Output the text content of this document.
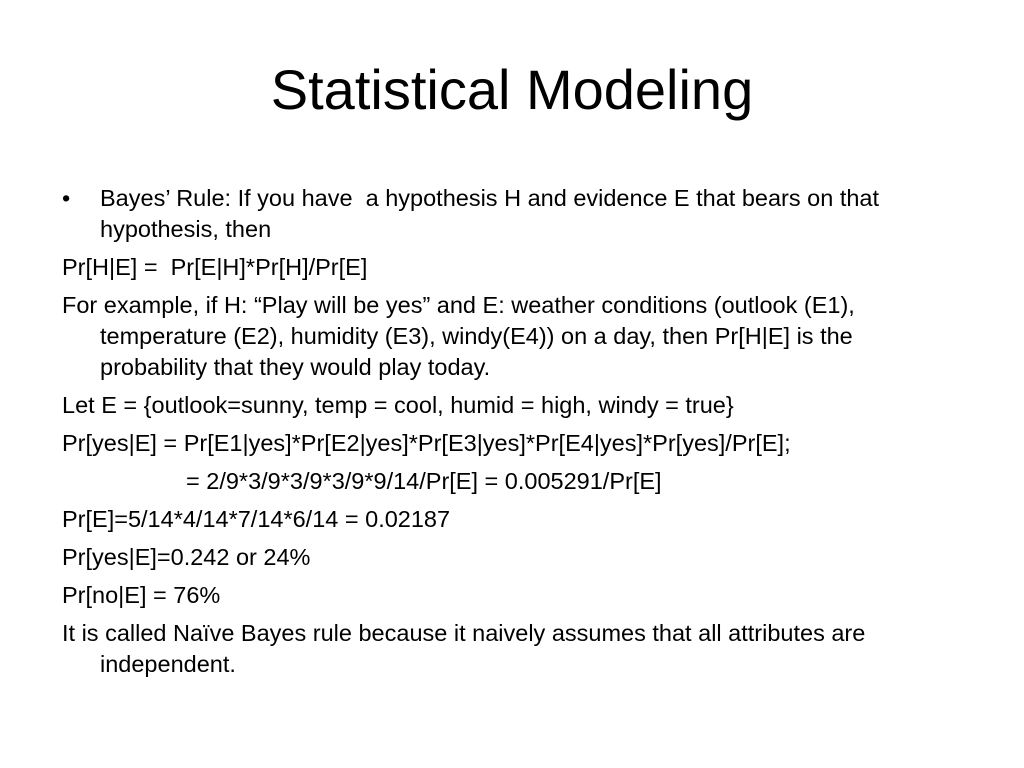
Statistical Modeling

•	Bayes’ Rule: If you have  a hypothesis H and evidence E that bears on that hypothesis, then

Pr[H|E] =  Pr[E|H]*Pr[H]/Pr[E]

For example, if H: “Play will be yes” and E: weather conditions (outlook (E1), temperature (E2), humidity (E3), windy(E4)) on a day, then Pr[H|E] is the probability that they would play today.

Let E = {outlook=sunny, temp = cool, humid = high, windy = true}

Pr[yes|E] = Pr[E1|yes]*Pr[E2|yes]*Pr[E3|yes]*Pr[E4|yes]*Pr[yes]/Pr[E];

= 2/9*3/9*3/9*3/9*9/14/Pr[E] = 0.005291/Pr[E]

Pr[E]=5/14*4/14*7/14*6/14 = 0.02187

Pr[yes|E]=0.242 or 24%

Pr[no|E] = 76%

It is called Naïve Bayes rule because it naively assumes that all attributes are independent.
